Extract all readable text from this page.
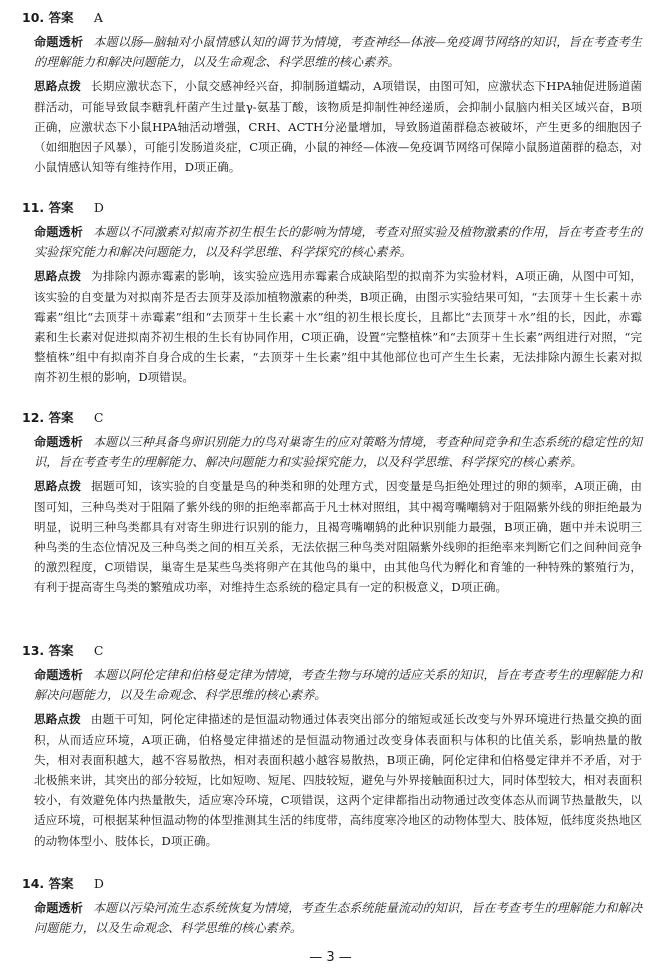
10. 答案 A

命题透析 本题以肠—脑轴对小鼠情感认知的调节为情境，考查神经—体液—免疫调节网络的知识，旨在考查考生的理解能力和解决问题能力，以及生命观念、科学思维的核心素养。

思路点拨 长期应激状态下，小鼠交感神经兴奋，抑制肠道蠕动，A项错误，由图可知，应激状态下HPA轴促进肠道菌群活动，可能导致鼠李糖乳杆菌产生过量γ-氨基丁酸，该物质是抑制性神经递质，会抑制小鼠脑内相关区域兴奋，B项正确，应激状态下小鼠HPA轴活动增强，CRH、ACTH分泌量增加，导致肠道菌群稳态被破坏，产生更多的细胞因子（如细胞因子风暴），可能引发肠道炎症，C项正确，小鼠的神经—体液—免疫调节网络可保障小鼠肠道菌群的稳态，对小鼠情感认知等有维持作用，D项正确。

11. 答案 D

命题透析 本题以不同激素对拟南芥初生根生长的影响为情境，考查对照实验及植物激素的作用，旨在考查考生的实验探究能力和解决问题能力，以及科学思维、科学探究的核心素养。

思路点拨 为排除内源赤霉素的影响，该实验应选用赤霉素合成缺陷型的拟南芥为实验材料，A项正确，从图中可知，该实验的自变量为对拟南芥是否去顶芽及添加植物激素的种类，B项正确，由图示实验结果可知，“去顶芽＋生长素＋赤霉素”组比“去顶芽＋赤霉素”组和“去顶芽＋生长素＋水”组的初生根长度长，且都比“去顶芽＋水”组的长，因此，赤霉素和生长素对促进拟南芥初生根的生长有协同作用，C项正确，设置“完整植株”和“去顶芽＋生长素”两组进行对照，“完整植株”组中有拟南芥自身合成的生长素，“去顶芽＋生长素”组中其他部位也可产生生长素，无法排除内源生长素对拟南芥初生根的影响，D项错误。

12. 答案 C

命题透析 本题以三种具备鸟卵识别能力的鸟对巢寄生的应对策略为情境，考查种间竞争和生态系统的稳定性的知识，旨在考查考生的理解能力、解决问题能力和实验探究能力，以及科学思维、科学探究的核心素养。

思路点拨 据题可知，该实验的自变量是鸟的种类和卵的处理方式，因变量是鸟拒绝处理过的卵的频率，A项正确，由图可知，三种鸟类对于阻隔了紫外线的卵的拒绝率都高于凡士林对照组，其中褐弯嘴嘲鸫对于阻隔紫外线的卵拒绝最为明显，说明三种鸟类都具有对寄生卵进行识别的能力，且褐弯嘴嘲鸫的此种识别能力最强，B项正确，题中并未说明三种鸟类的生态位情况及三种鸟类之间的相互关系，无法依据三种鸟类对阻隔紫外线卵的拒绝率来判断它们之间种间竞争的激烈程度，C项错误，巢寄生是某些鸟类将卵产在其他鸟的巢中，由其他鸟代为孵化和育雏的一种特殊的繁殖行为，有利于提高寄生鸟类的繁殖成功率，对维持生态系统的稳定具有一定的积极意义，D项正确。

13. 答案 C

命题透析 本题以阿伦定律和伯格曼定律为情境，考查生物与环境的适应关系的知识，旨在考查考生的理解能力和解决问题能力，以及生命观念、科学思维的核心素养。

思路点拨 由题干可知，阿伦定律描述的是恒温动物通过体表突出部分的缩短或延长改变与外界环境进行热量交换的面积，从而适应环境，A项正确，伯格曼定律描述的是恒温动物通过改变身体表面积与体积的比值关系，影响热量的散失，相对表面积越大，越不容易散热，相对表面积越小越容易散热，B项正确，阿伦定律和伯格曼定律并不矛盾，对于北极熊来讲，其突出的部分较短，比如短吻、短尾、四肢较短，避免与外界接触面积过大，同时体型较大，相对表面积较小，有效避免体内热量散失，适应寒冷环境，C项错误，这两个定律都指出动物通过改变体态从而调节热量散失，以适应环境，可根据某种恒温动物的体型推测其生活的纬度带，高纬度寒冷地区的动物体型大、肢体短，低纬度炎热地区的动物体型小、肢体长，D项正确。

14. 答案 D

命题透析 本题以污染河流生态系统恢复为情境，考查生态系统能量流动的知识，旨在考查考生的理解能力和解决问题能力，以及生命观念、科学思维的核心素养。

— 3 —
